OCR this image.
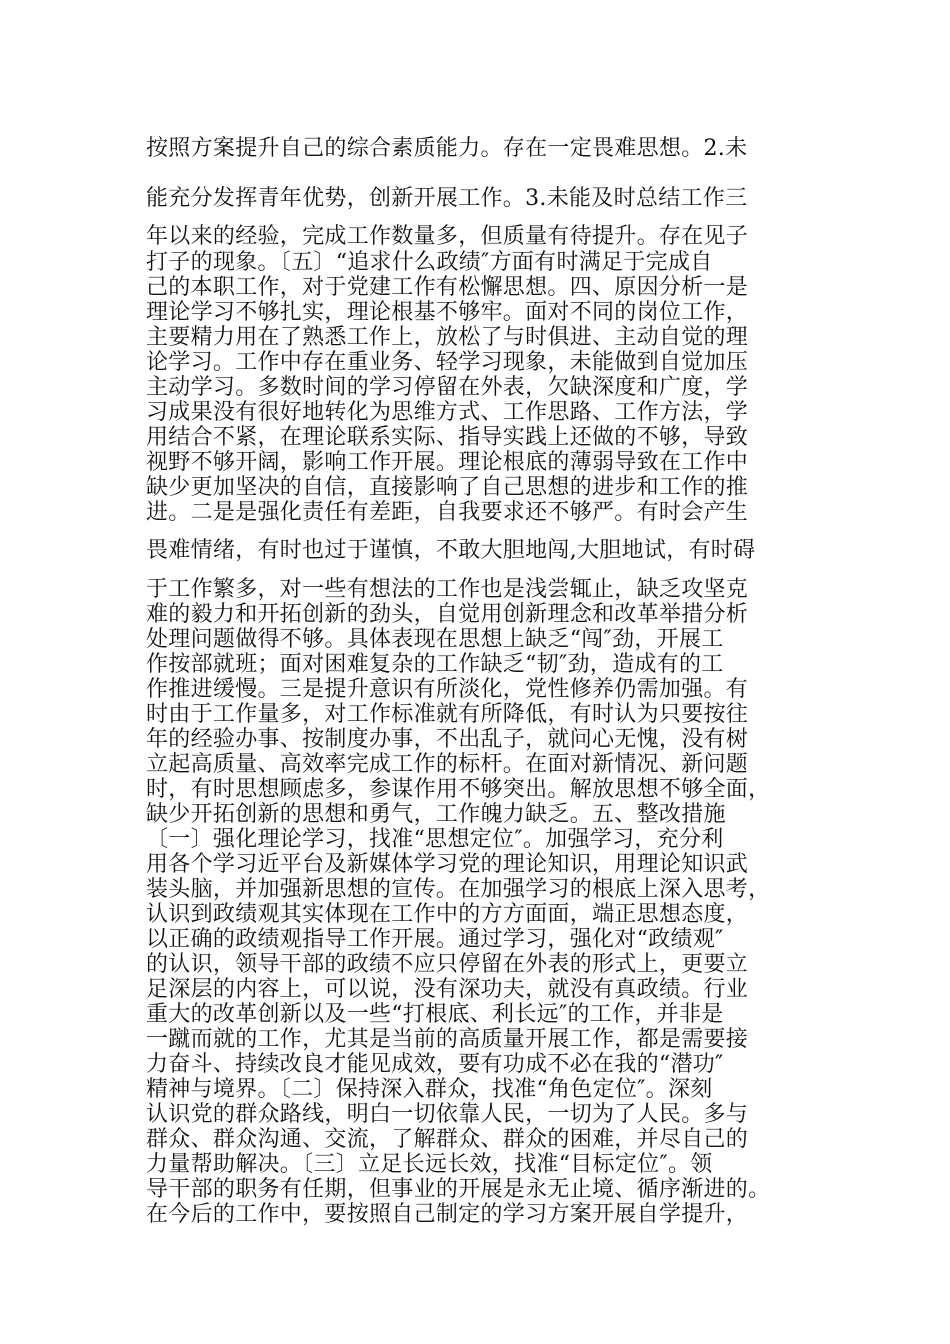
按照方案提升自己的综合素质能力。存在一定畏难思想。2.未
能充分发挥青年优势，创新开展工作。3.未能及时总结工作三
年以来的经验，完成工作数量多，但质量有待提升。存在见子
打子的现象。〔五〕“追求什么政绩″方面有时满足于完成自
己的本职工作，对于党建工作有松懈思想。四、原因分析一是
理论学习不够扎实，理论根基不够牢。面对不同的岗位工作，
主要精力用在了熟悉工作上，放松了与时俱进、主动自觉的理
论学习。工作中存在重业务、轻学习现象，未能做到自觉加压
主动学习。多数时间的学习停留在外表，欠缺深度和广度，学
习成果没有很好地转化为思维方式、工作思路、工作方法，学
用结合不紧，在理论联系实际、指导实践上还做的不够，导致
视野不够开阔，影响工作开展。理论根底的薄弱导致在工作中
缺少更加坚决的自信，直接影响了自己思想的进步和工作的推
进。二是是强化责任有差距，自我要求还不够严。有时会产生
畏难情绪，有时也过于谨慎，不敢大胆地闯,大胆地试，有时碍
于工作繁多，对一些有想法的工作也是浅尝辄止，缺乏攻坚克
难的毅力和开拓创新的劲头，自觉用创新理念和改革举措分析
处理问题做得不够。具体表现在思想上缺乏“闯″劲，开展工
作按部就班；面对困难复杂的工作缺乏“韧″劲，造成有的工
作推进缓慢。三是提升意识有所淡化，党性修养仍需加强。有
时由于工作量多，对工作标准就有所降低，有时认为只要按往
年的经验办事、按制度办事，不出乱子，就问心无愧，没有树
立起高质量、高效率完成工作的标杆。在面对新情况、新问题
时，有时思想顾虑多，参谋作用不够突出。解放思想不够全面，
缺少开拓创新的思想和勇气，工作魄力缺乏。五、整改措施
〔一〕强化理论学习，找准“思想定位″。加强学习，充分利
用各个学习近平台及新媒体学习党的理论知识，用理论知识武
装头脑，并加强新思想的宣传。在加强学习的根底上深入思考，
认识到政绩观其实体现在工作中的方方面面，端正思想态度，
以正确的政绩观指导工作开展。通过学习，强化对“政绩观″
的认识，领导干部的政绩不应只停留在外表的形式上，更要立
足深层的内容上，可以说，没有深功夫，就没有真政绩。行业
重大的改革创新以及一些“打根底、利长远″的工作，并非是
一蹴而就的工作，尤其是当前的高质量开展工作，都是需要接
力奋斗、持续改良才能见成效，要有功成不必在我的“潜功″
精神与境界。〔二〕保持深入群众，找准“角色定位″。深刻
认识党的群众路线，明白一切依靠人民，一切为了人民。多与
群众、群众沟通、交流，了解群众、群众的困难，并尽自己的
力量帮助解决。〔三〕立足长远长效，找准“目标定位″。领
导干部的职务有任期，但事业的开展是永无止境、循序渐进的。
在今后的工作中，要按照自己制定的学习方案开展自学提升，
